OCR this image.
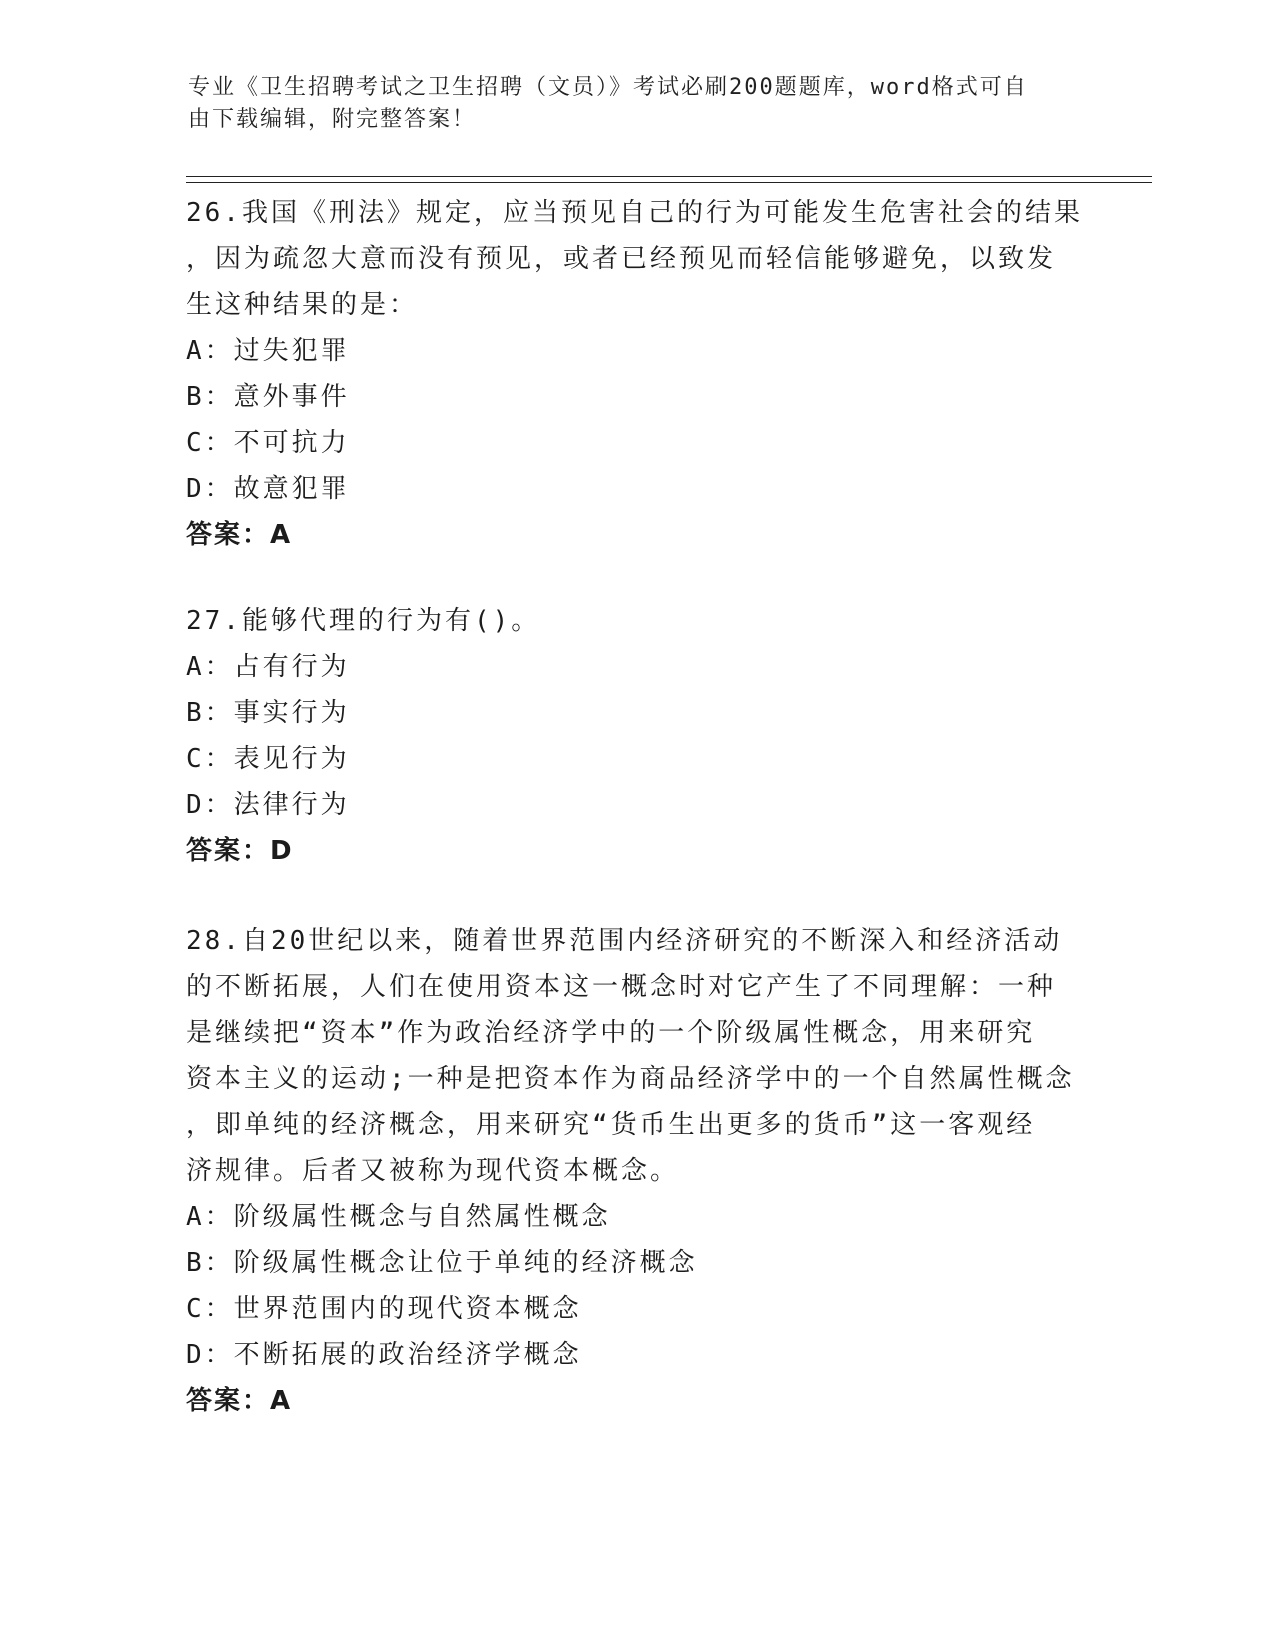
专业《卫生招聘考试之卫生招聘（文员）》考试必刷200题题库，word格式可自
由下载编辑，附完整答案！
26.我国《刑法》规定，应当预见自己的行为可能发生危害社会的结果
，因为疏忽大意而没有预见，或者已经预见而轻信能够避免，以致发
生这种结果的是：
A：过失犯罪
B：意外事件
C：不可抗力
D：故意犯罪
答案：A
27.能够代理的行为有()。
A：占有行为
B：事实行为
C：表见行为
D：法律行为
答案：D
28.自20世纪以来，随着世界范围内经济研究的不断深入和经济活动
的不断拓展，人们在使用资本这一概念时对它产生了不同理解：一种
是继续把“资本”作为政治经济学中的一个阶级属性概念，用来研究
资本主义的运动;一种是把资本作为商品经济学中的一个自然属性概念
，即单纯的经济概念，用来研究“货币生出更多的货币”这一客观经
济规律。后者又被称为现代资本概念。
A：阶级属性概念与自然属性概念
B：阶级属性概念让位于单纯的经济概念
C：世界范围内的现代资本概念
D：不断拓展的政治经济学概念
答案：A
